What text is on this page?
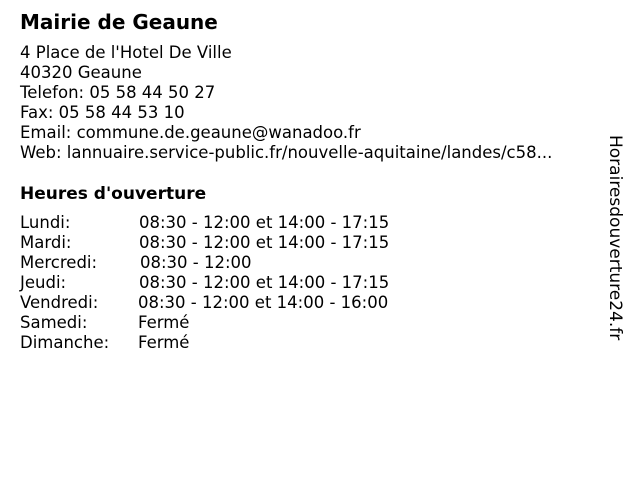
Mairie de Geaune
4 Place de l'Hotel De Ville
40320 Geaune
Telefon: 05 58 44 50 27
Fax: 05 58 44 53 10
Email: commune.de.geaune@wanadoo.fr
Web: lannuaire.service-public.fr/nouvelle-aquitaine/landes/c58...
Heures d'ouverture
Lundi:	08:30 - 12:00 et 14:00 - 17:15
Mardi:	08:30 - 12:00 et 14:00 - 17:15
Mercredi:	08:30 - 12:00
Jeudi:	08:30 - 12:00 et 14:00 - 17:15
Vendredi: 08:30 - 12:00 et 14:00 - 16:00
Samedi:	Fermé
Dimanche: Fermé
Horairesdouverture24.fr
